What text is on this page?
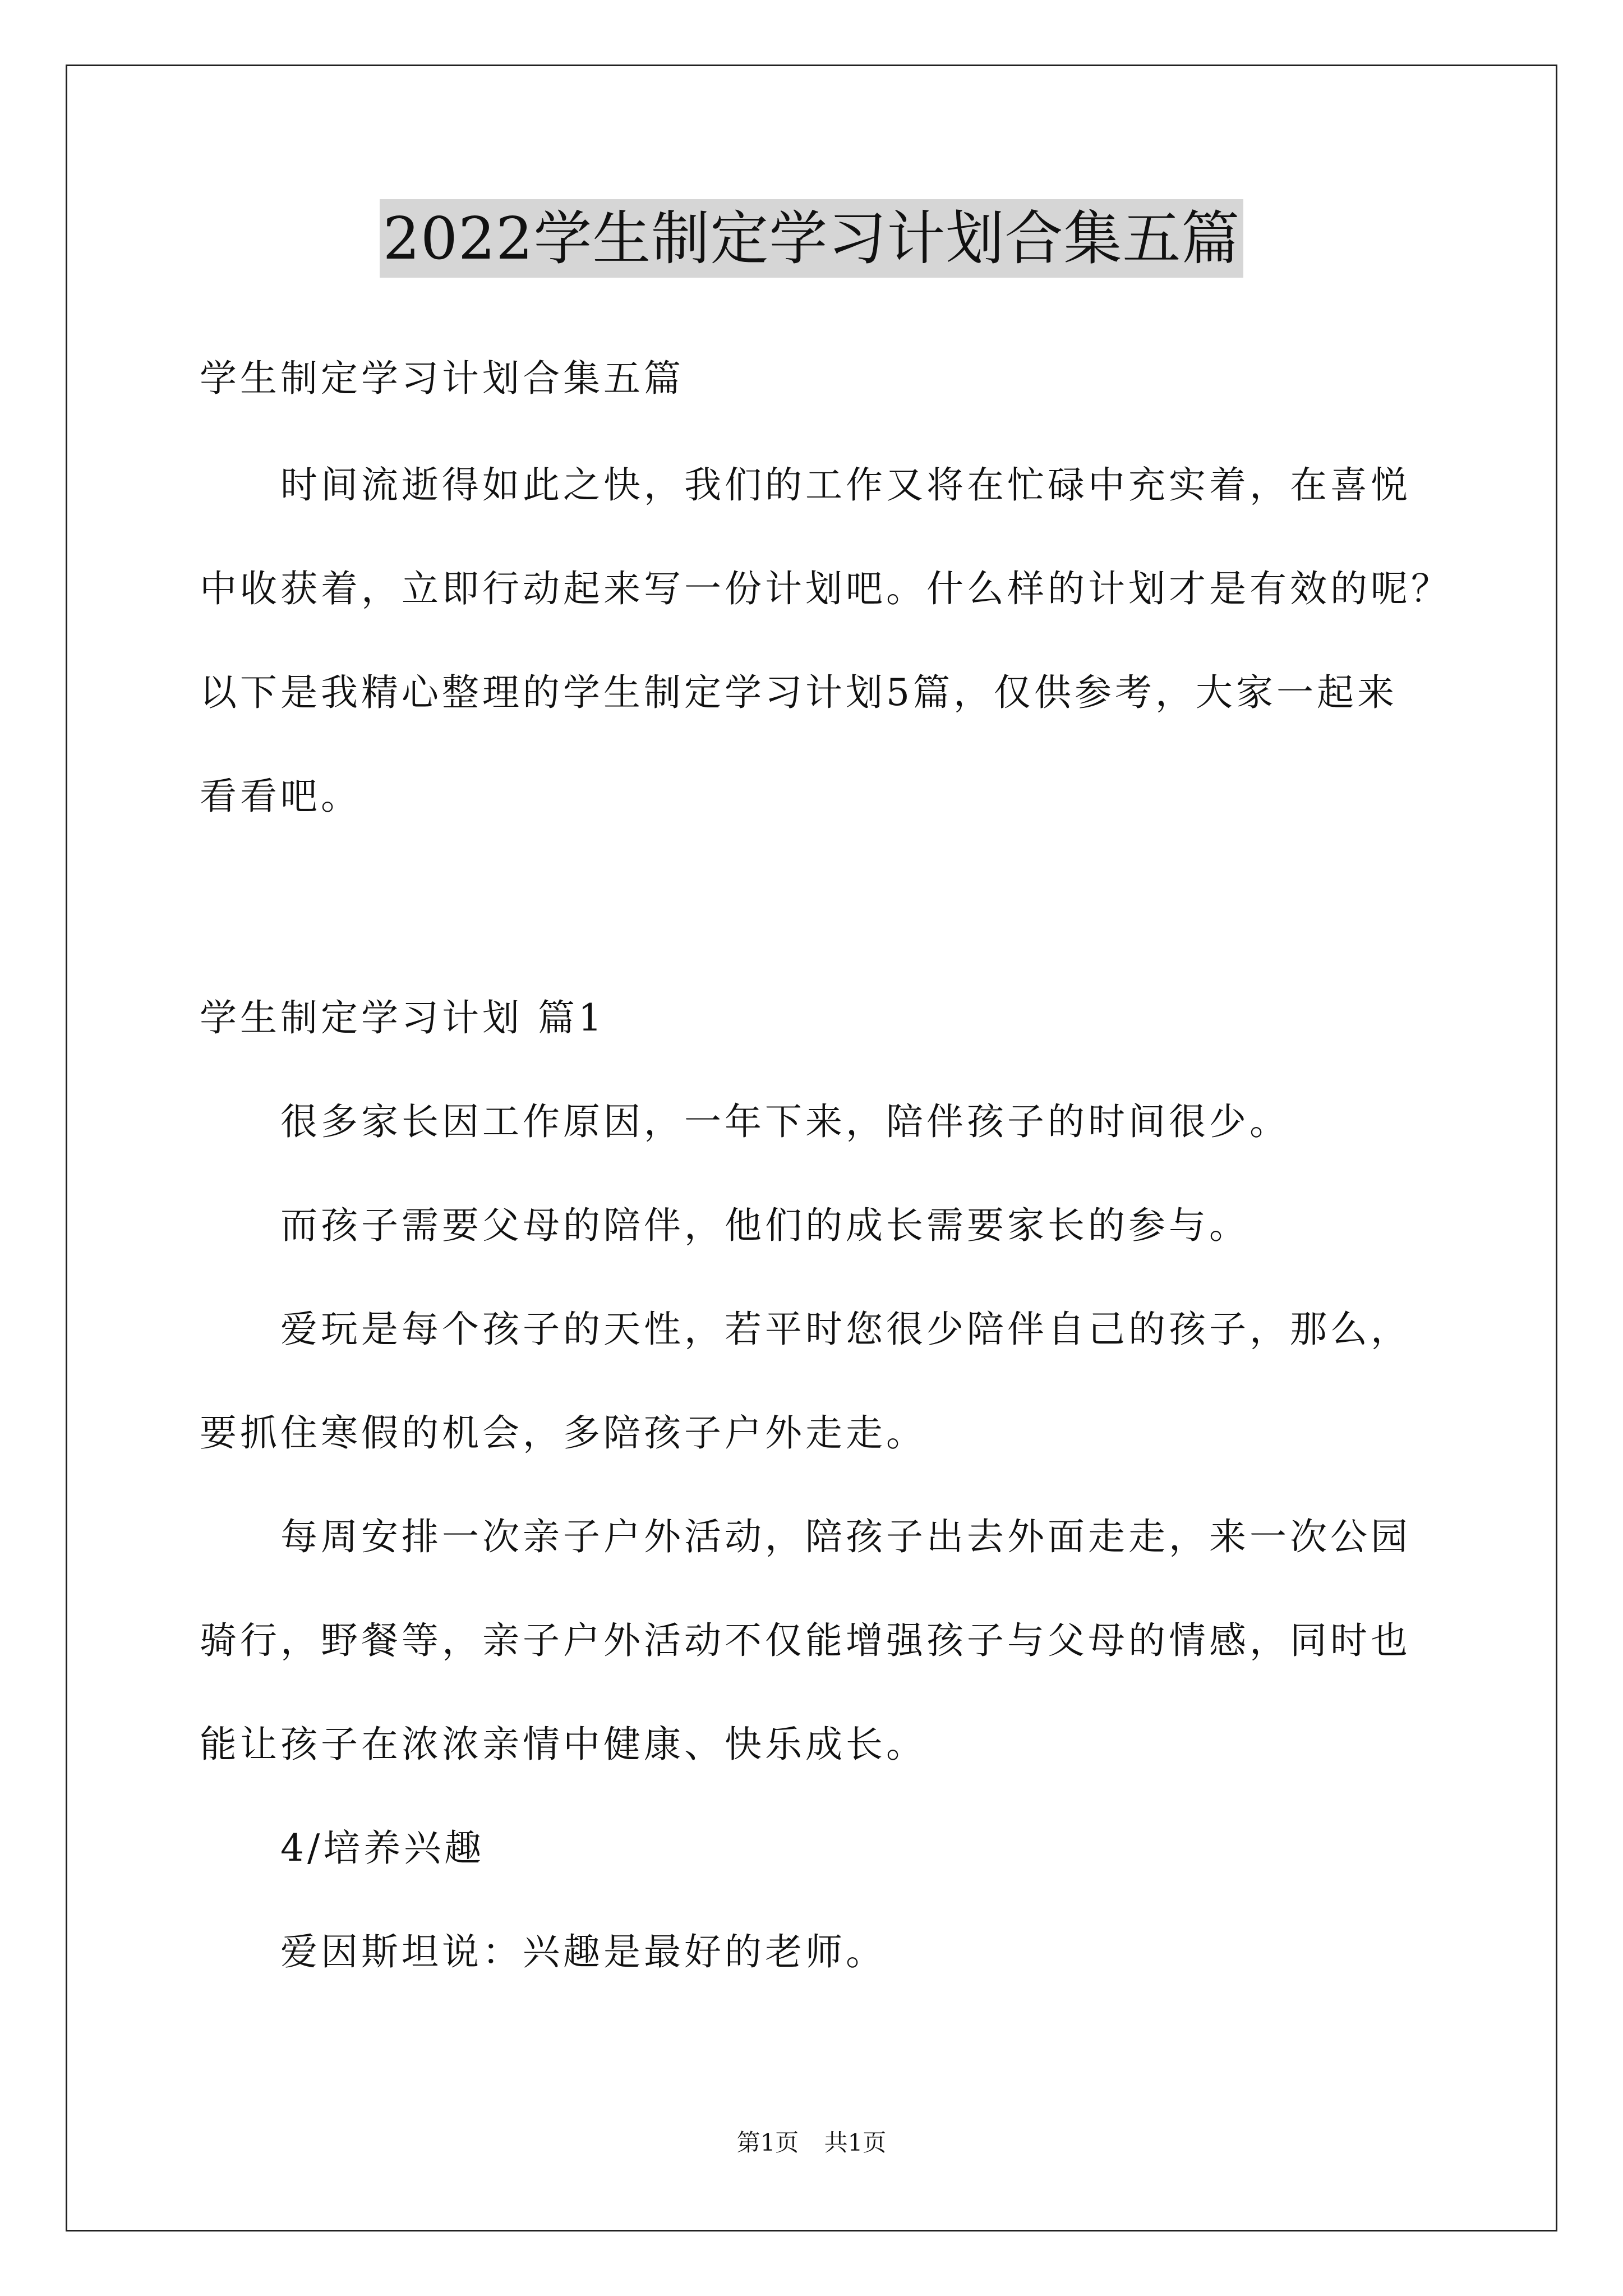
2022学生制定学习计划合集五篇
学生制定学习计划合集五篇
时间流逝得如此之快，我们的工作又将在忙碌中充实着，在喜悦
中收获着，立即行动起来写一份计划吧。什么样的计划才是有效的呢？
以下是我精心整理的学生制定学习计划5篇，仅供参考，大家一起来
看看吧。
学生制定学习计划 篇1
很多家长因工作原因，一年下来，陪伴孩子的时间很少。
而孩子需要父母的陪伴，他们的成长需要家长的参与。
爱玩是每个孩子的天性，若平时您很少陪伴自己的孩子，那么，
要抓住寒假的机会，多陪孩子户外走走。
每周安排一次亲子户外活动，陪孩子出去外面走走，来一次公园
骑行，野餐等，亲子户外活动不仅能增强孩子与父母的情感，同时也
能让孩子在浓浓亲情中健康、快乐成长。
4/培养兴趣
爱因斯坦说：兴趣是最好的老师。
第1页 共1页
